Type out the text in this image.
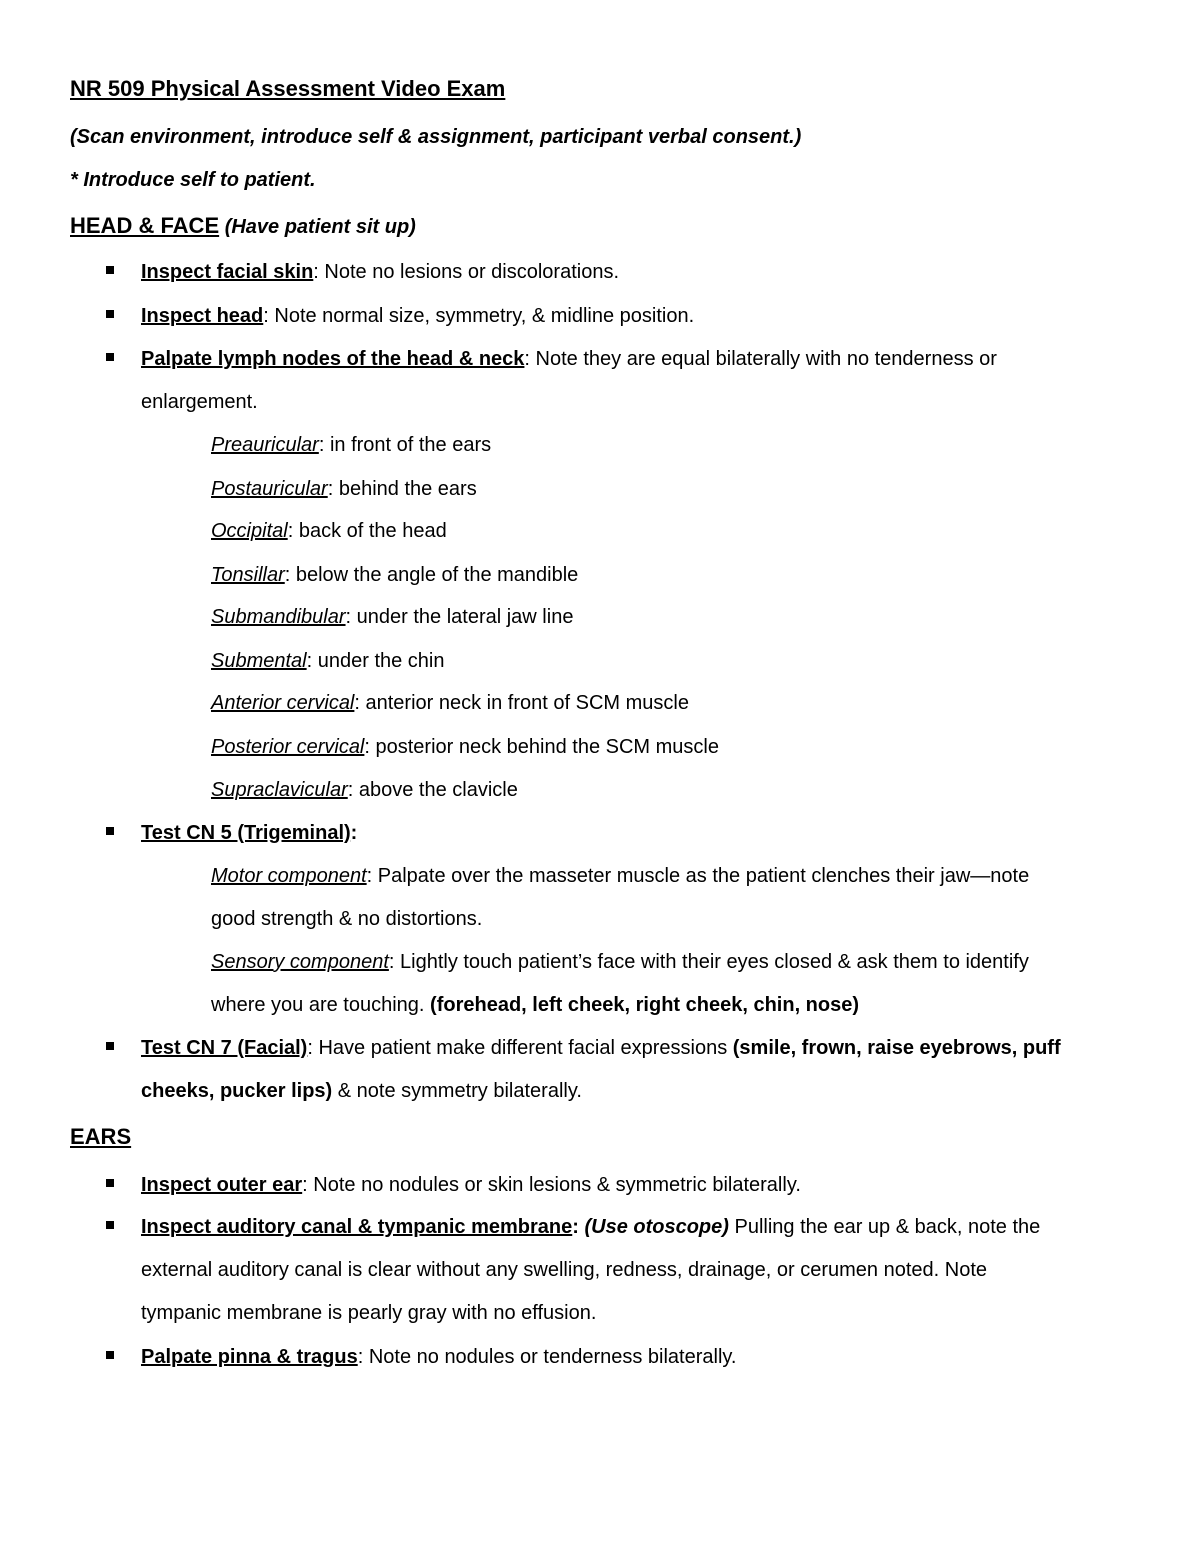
NR 509 Physical Assessment Video Exam
(Scan environment, introduce self & assignment, participant verbal consent.)
* Introduce self to patient.
HEAD & FACE (Have patient sit up)
Inspect facial skin: Note no lesions or discolorations.
Inspect head: Note normal size, symmetry, & midline position.
Palpate lymph nodes of the head & neck: Note they are equal bilaterally with no tenderness or
enlargement.
Preauricular: in front of the ears
Postauricular: behind the ears
Occipital: back of the head
Tonsillar: below the angle of the mandible
Submandibular: under the lateral jaw line
Submental: under the chin
Anterior cervical: anterior neck in front of SCM muscle
Posterior cervical: posterior neck behind the SCM muscle
Supraclavicular: above the clavicle
Test CN 5 (Trigeminal):
Motor component: Palpate over the masseter muscle as the patient clenches their jaw—note
good strength & no distortions.
Sensory component: Lightly touch patient’s face with their eyes closed & ask them to identify
where you are touching. (forehead, left cheek, right cheek, chin, nose)
Test CN 7 (Facial): Have patient make different facial expressions (smile, frown, raise eyebrows, puff
cheeks, pucker lips) & note symmetry bilaterally.
EARS
Inspect outer ear: Note no nodules or skin lesions & symmetric bilaterally.
Inspect auditory canal & tympanic membrane: (Use otoscope) Pulling the ear up & back, note the
external auditory canal is clear without any swelling, redness, drainage, or cerumen noted. Note
tympanic membrane is pearly gray with no effusion.
Palpate pinna & tragus: Note no nodules or tenderness bilaterally.
